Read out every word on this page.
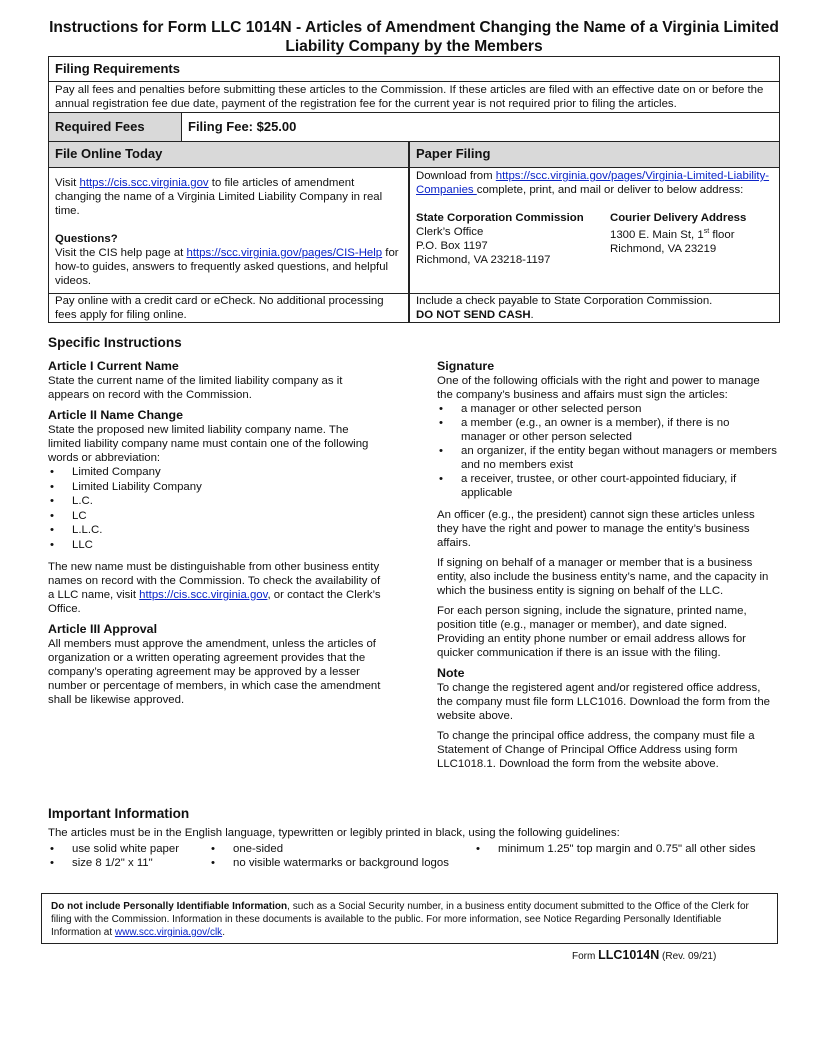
Instructions for Form LLC 1014N - Articles of Amendment Changing the Name of a Virginia Limited Liability Company by the Members
Filing Requirements
Pay all fees and penalties before submitting these articles to the Commission. If these articles are filed with an effective date on or before the annual registration fee due date, payment of the registration fee for the current year is not required prior to filing the articles.
Required Fees	Filing Fee: $25.00
File Online Today	Paper Filing

Visit https://cis.scc.virginia.gov to file articles of amendment changing the name of a Virginia Limited Liability Company in real time.

Questions?

Visit the CIS help page at https://scc.virginia.gov/pages/CIS-Help for how-to guides, answers to frequently asked questions, and helpful videos.

Download from https://scc.virginia.gov/pages/Virginia-Limited-Liability-Companies complete, print, and mail or deliver to below address:

State Corporation Commission
Clerk’s Office
P.O. Box 1197
Richmond, VA 23218-1197
Courier Delivery Address
1300 E. Main St, 1st floor
Richmond, VA 23219
Pay online with a credit card or eCheck. No additional processing fees apply for filing online.
Include a check payable to State Corporation Commission.
DO NOT SEND CASH.
Specific Instructions
Article I Current Name

State the current name of the limited liability company as it appears on record with the Commission.

Article II Name Change

State the proposed new limited liability company name. The limited liability company name must contain one of the following words or abbreviation:

• Limited Company
• Limited Liability Company
• L.C.
• LC
• L.L.C.
• LLC

The new name must be distinguishable from other business entity names on record with the Commission. To check the availability of a LLC name, visit https://cis.scc.virginia.gov, or contact the Clerk’s Office.

Article III Approval

All members must approve the amendment, unless the articles of organization or a written operating agreement provides that the company’s operating agreement may be approved by a lesser number or percentage of members, in which case the amendment shall be likewise approved.

Signature

One of the following officials with the right and power to manage the company’s business and affairs must sign the articles:

• a manager or other selected person
• a member (e.g., an owner is a member), if there is no manager or other person selected
• an organizer, if the entity began without managers or members and no members exist
• a receiver, trustee, or other court-appointed fiduciary, if applicable

An officer (e.g., the president) cannot sign these articles unless they have the right and power to manage the entity’s business affairs.

If signing on behalf of a manager or member that is a business entity, also include the business entity’s name, and the capacity in which the business entity is signing on behalf of the LLC.

For each person signing, include the signature, printed name, position title (e.g., manager or member), and date signed. Providing an entity phone number or email address allows for quicker communication if there is an issue with the filing.

Note

To change the registered agent and/or registered office address, the company must file form LLC1016. Download the form from the website above.

To change the principal office address, the company must file a Statement of Change of Principal Office Address using form LLC1018.1. Download the form from the website above.

Important Information
The articles must be in the English language, typewritten or legibly printed in black, using the following guidelines:
• use solid white paper
• size 8 1/2" x 11"
• one-sided
• no visible watermarks or background logos
• minimum 1.25" top margin and 0.75" all other sides
Do not include Personally Identifiable Information, such as a Social Security number, in a business entity document submitted to the Office of the Clerk for filing with the Commission. Information in these documents is available to the public. For more information, see Notice Regarding Personally Identifiable Information at www.scc.virginia.gov/clk.
Form LLC1014N (Rev. 09/21)
